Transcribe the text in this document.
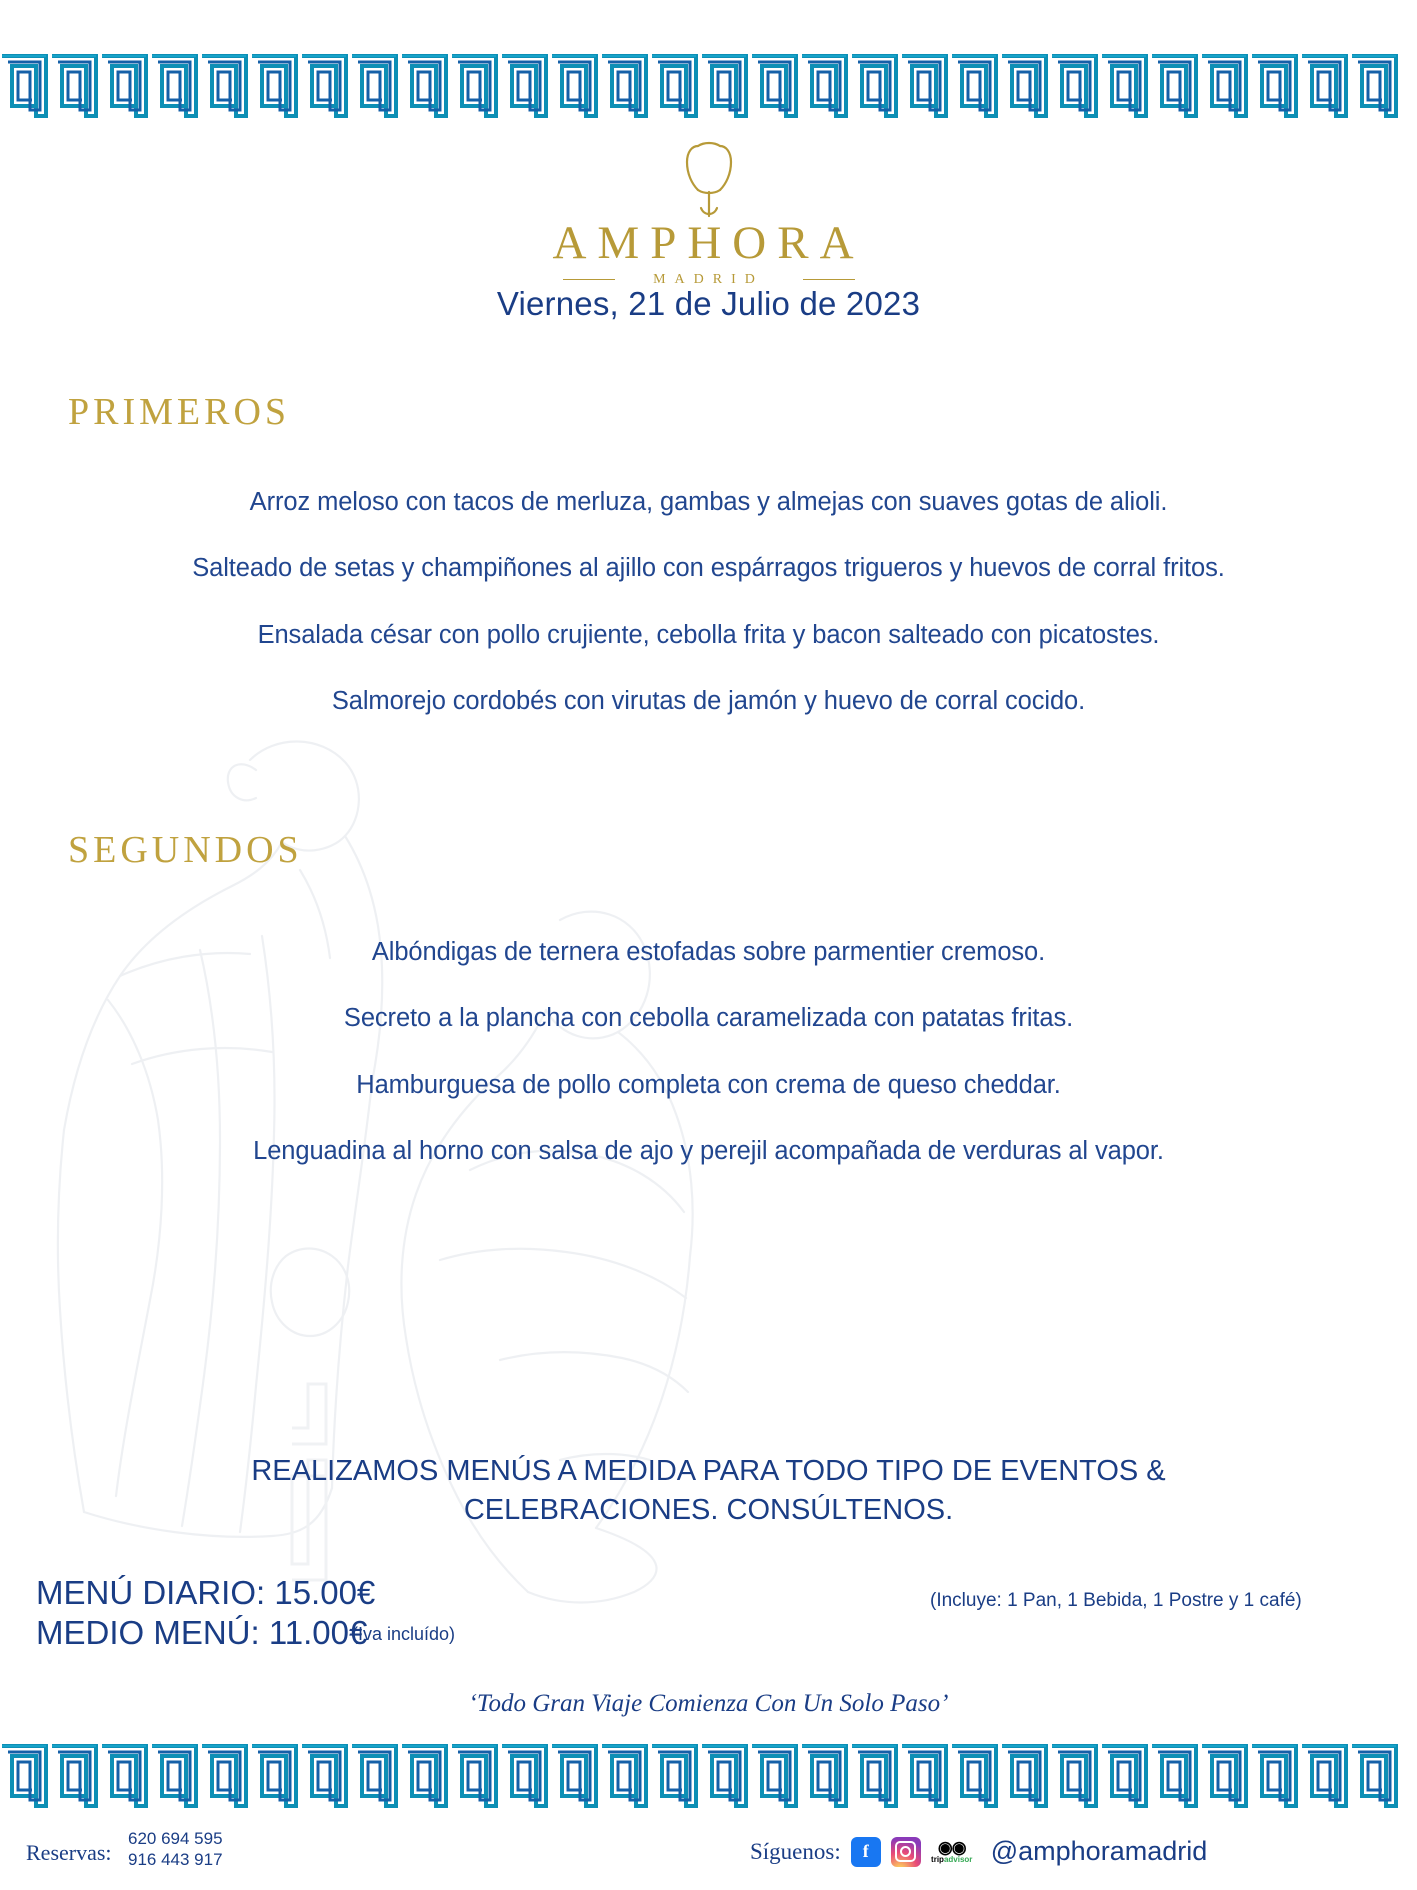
AMPHORA
MADRID
Viernes, 21 de Julio de 2023
PRIMEROS
Arroz meloso con tacos de merluza, gambas y almejas con suaves gotas de alioli.
Salteado de setas y champiñones al ajillo con espárragos trigueros y huevos de corral fritos.
Ensalada césar con pollo crujiente, cebolla frita y bacon salteado con picatostes.
Salmorejo cordobés con virutas de jamón y huevo de corral cocido.
SEGUNDOS
Albóndigas de ternera estofadas sobre parmentier cremoso.
Secreto a la plancha con cebolla caramelizada con patatas fritas.
Hamburguesa de pollo completa con crema de queso cheddar.
Lenguadina al horno con salsa de ajo y perejil acompañada de verduras al vapor.
REALIZAMOS MENÚS A MEDIDA PARA TODO TIPO DE EVENTOS &
CELEBRACIONES. CONSÚLTENOS.
MENÚ DIARIO: 15.00€
MEDIO MENÚ: 11.00€
(Iva incluído)
(Incluye: 1 Pan, 1 Bebida, 1 Postre y 1 café)
‘Todo Gran Viaje Comienza Con Un Solo Paso’
Reservas:
620 694 595
916 443 917	Síguenos: f	◉◉
tripadvisor @amphoramadrid
